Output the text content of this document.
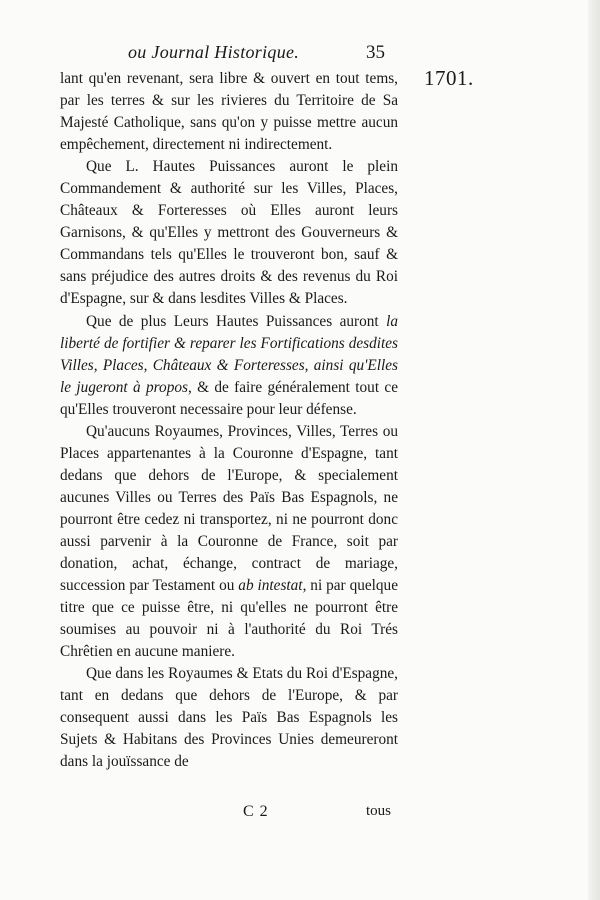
ou Journal Historique.	35
1701.

lant qu'en revenant, sera libre & ouvert en tout tems, par les terres & sur les rivieres du Territoire de Sa Majesté Catholique, sans qu'on y puisse mettre aucun empêchement, directement ni indirectement.

Que L. Hautes Puissances auront le plein Commandement & authorité sur les Villes, Places, Châteaux & Forteresses où Elles auront leurs Garnisons, & qu'Elles y mettront des Gouverneurs & Commandans tels qu'Elles le trouveront bon, sauf & sans préjudice des autres droits & des revenus du Roi d'Espagne, sur & dans lesdites Villes & Places.

Que de plus Leurs Hautes Puissances auront la liberté de fortifier & reparer les Fortifications desdites Villes, Places, Châteaux & Forteresses, ainsi qu'Elles le jugeront à propos, & de faire généralement tout ce qu'Elles trouveront necessaire pour leur défense.

Qu'aucuns Royaumes, Provinces, Villes, Terres ou Places appartenantes à la Couronne d'Espagne, tant dedans que dehors de l'Europe, & specialement aucunes Villes ou Terres des Païs Bas Espagnols, ne pourront être cedez ni transportez, ni ne pourront donc aussi parvenir à la Couronne de France, soit par donation, achat, échange, contract de mariage, succession par Testament ou ab intestat, ni par quelque titre que ce puisse être, ni qu'elles ne pourront être soumises au pouvoir ni à l'authorité du Roi Trés Chrêtien en aucune maniere.

Que dans les Royaumes & Etats du Roi d'Espagne, tant en dedans que dehors de l'Europe, & par consequent aussi dans les Païs Bas Espagnols les Sujets & Habitans des Provinces Unies demeureront dans la jouïssance de

C 2	tous
